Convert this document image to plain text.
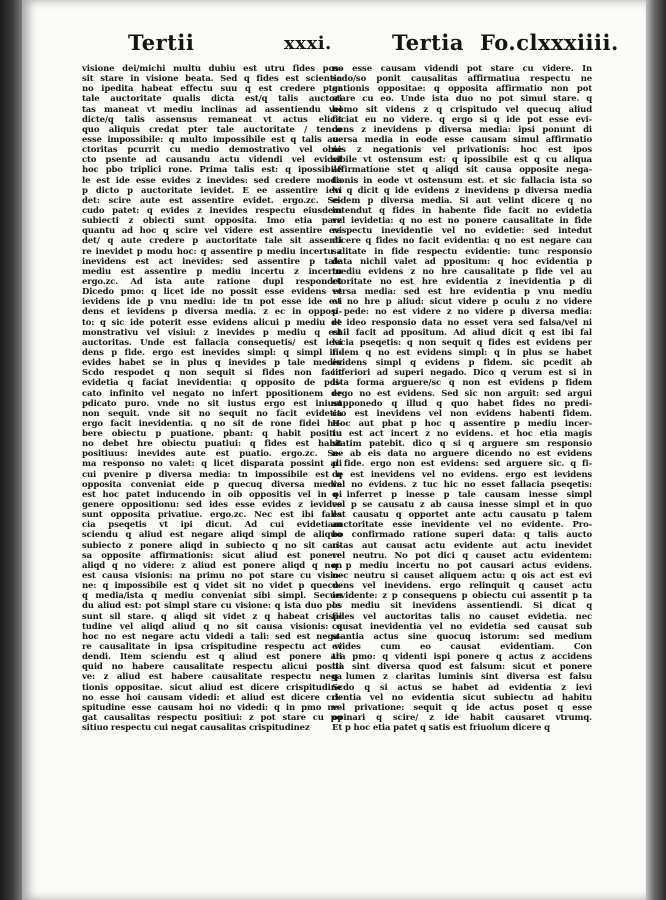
Tertii	xxxi.	Tertia Fo.clxxxiiii.
visione dei/michi multu dubiu est utru fides pos-
sit stare in visione beata. Sed q fides est scientia
no ipedita habeat effectu suu q est credere pter
tale auctoritate qualis dicta est/q talis auctori
tas maneat vt mediu inclinas ad assentiendu vel
dicte/q talis assensus remaneat vt actus elicit
quo aliquis credat pter tale auctoritate / tenco
esse impossibile: q multo impossibile est q talis au-
ctoritas pcurrit cu medio demostrativo vel obie
cto psente ad causandu actu videndi vel evidet
hoc pbo triplici rone. Prima talis est: q ipossibile
le est ide esse evides z inevides: sed credere modo
p dicto p auctoritate ievidet. E ee assentire ievi
det: scire aute est assentire evidet. ergo.zc. Se-
cudo patet: q evides z inevides respectu eiusdem
subiecti z obiecti sunt opposita. Imo etia parz
quantu ad hoc q scire vel videre est assentire evi
det/ q aute credere p auctoritate tale sit assenti
re inevidet p modu hoc: q assentire p mediu incertu z
inevidens est act inevides: sed assentire p tale
mediu est assentire p mediu incertu z incertu
ergo.zc. Ad ista aute ratione dupl respondet
Dicedo pmo: q licet ide no possit esse evidens et
ievidens ide p vnu mediu: ide tn pot esse ide evi
dens et ievidens p diversa media. z ec in opposi-
to: q sic ide poterit esse evidens alicui p mediu de
monstrativu vel visiui: z inevides p mediu q est
auctoritas. Unde est fallacia consequetis/ est ievi
dens p fide. ergo est inevides simpl: q simpl in-
evides habet se in plus q inevides p tale mediu
Scdo respodet q non sequit si fides non facit
evidetia q faciat inevidentia: q opposito de pdi-
cato infinito vel negato no infert ppositionem de
pdicato puro. vnde no sit iustus ergo est iniust
non sequit. vnde sit no sequit no facit evidetia
ergo facit inevidentia. q no sit de rone fidei ha-
bere obiectu p puatione. pbant: q habit positiu
no debet hre obiectu puatiui: q fides est habit
positiuus: inevides aute est puatio. ergo.zc. Se-
ma responso no valet: q licet disparata possint ali
cui pvenire p diversa media: tn impossibile est q
opposita conveniat eide p quecuq diversa media
est hoc patet inducendo in oib oppositis vel in oi
genere oppositionu: sed ides esse evides z ievides
sunt opposita privatiue. ergo.zc. Nec est ibi falla
cia pseqetis vt ipi dicut. Ad cui evidetiam
sciendu q aliud est negare aliqd simpl de aliquo
subiecto z ponere aliqd in subiecto q no sit cau-
sa opposite affirmationis: sicut aliud est ponere
aliqd q no videre: z aliud est ponere aliqd q non
est causa visionis: na primu no pot stare cu visio-
ne: q impossibile est q videt sit no videt p quecu-
q media/ista q mediu conveniat sibi simpl. Secun
du aliud est: pot simpl stare cu visione: q ista duo pos
sunt sil stare. q aliqd sit videt z q habeat crispi
tudine vel aliqd aliud q no sit causa visionis: q
hoc no est negare actu videdi a tali: sed est nega-
re causalitate in ipsa crispitudine respectu act vi
dendi. Item sciendu est q aliud est ponere ali
quid no habere causalitate respectu alicui positi
ve: z aliud est habere causalitate respectu nega
tionis oppositae. sicut aliud est dicere crispitudine
no esse hoi causam videdi: et aliud est dicere cri-
spitudine esse causam hoi no videdi: q in pmo ne-
gat causalitas respectu positiui: z pot stare cu po
sitiuo respectu cui negat causalitas crispitudinez
no esse causam videndi pot stare cu videre. In
scdo/so ponit causalitas affirmatiua respectu ne
gationis oppositae: q opposita affirmatio non pot
stare cu eo. Unde ista duo no pot simul stare. q
homo sit videns z q crispitudo vel quecuq aliud
faciat eu no videre. q ergo si q ide pot esse evi-
dens z inevidens p diversa media: ipsi ponunt di
uersa media in eode esse causam simul affirmatio
nis z negationis vel privationis: hoc est ipos
sibile vt ostensum est: q ipossibile est q cu aliqua
affirmatione stet q aliqd sit causa opposite nega-
tionis in eode vt ostensum est. et sic fallacia ista so
lu q dicit q ide evidens z inevidens p diversa media
eidem p diversa media. Si aut velint dicere q no
intendut q fides in habente fide facit no evidetia
vel ievidetia: q no est no ponere causalitate in fide
respectu inevidentie vel no evidetie: sed intedut
dicere q fides no facit evidentia: q no est negare cau
salitate in fide respectu evidentie: tunc responsio
data nichil valet ad ppositum: q hoc evidentia p
mediu evidens z no hre causalitate p fide vel au
ctoritate no est hre evidentia z inevidentia p di
versa media: sed est hre evidentia p vnu mediu
et no hre p aliud: sicut videre p oculu z no videre
p pede: no est videre z no videre p diversa media:
et ideo responsio data no esset vera sed falsa/vel ni
chil facit ad ppositum. Ad aliud dicit q est ibi fal
lacia pseqetis: q non sequit q fides est evidens per
fidem q no est evidens simpl: q in plus se habet
evidens simpl q evidens p fidem. sic pcedit ab
inferiori ad superi negado. Dico q verum est si in
ista forma arguere/sc q non est evidens p fidem
ergo no est evidens. Sed sic non arguit: sed argui
supponedo q illud q quo habet fides no predi-
cto est inevidens vel non evidens habenti fidem.
Hoc aut pbat p hoc q assentire p mediu incer-
tu est act incert z no evidens. et hoc etia magis
statim patebit. dico q si q arguere sm responsio
ne ab eis data no arguere dicendo no est evidens
p fide. ergo non est evidens: sed arguere sic. q fi-
de est inevidens vel no evidens. ergo est ievidens
vel no evidens. z tuc hic no esset fallacia pseqetis:
q inferret p inesse p tale causam inesse simpl
vel p se causatu z ab causa inesse simpl et in quo
est causatu q opportet ante actu causatu p talem
auctoritate esse inevidente vel no evidente. Pro-
bo confirmado ratione superi data: q talis aucto
ritas aut causat actu evidente aut actu inevidet
vel neutru. No pot dici q causet actu evidentem:
q p mediu incertu no pot causari actus evidens.
nec neutru si causet aliquem actu: q ois act est evi
dens vel inevidens. ergo relinquit q causet actu
ievidente: z p consequens p obiectu cui assentit p ta
le mediu sit inevidens assentiendi. Si dicat q
fides vel auctoritas talis no causet evidetia. nec
causat inevidentia vel no evidetia sed causat sub
stantia actus sine quocuq istorum: sed medium
evides cum eo causat evidentiam. Con
tra pmo: q videnti ispi ponere q actus z accidens
tia sint diversa quod est falsum: sicut et ponere
q lumen z claritas luminis sint diversa est falsu
Scdo q si actus se habet ad evidentia z ievi
dentia vel no evidentia sicut subiectu ad habitu
vel privatione: sequit q ide actus poset q esse
opinari q scire/ z ide habit causaret vtrumq.
Et p hoc etia patet q satis est friuolum dicere q
